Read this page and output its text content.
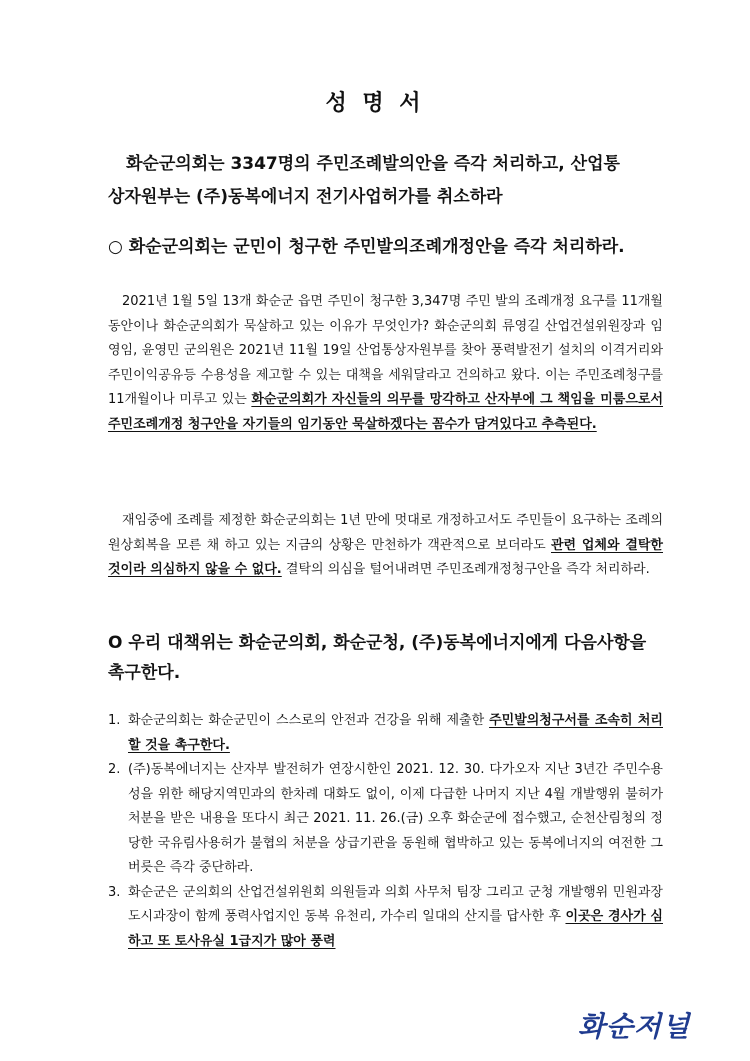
성 명 서
화순군의회는 3347명의 주민조례발의안을 즉각 처리하고, 산업통
상자원부는 (주)동복에너지 전기사업허가를 취소하라
○ 화순군의회는 군민이 청구한 주민발의조례개정안을 즉각 처리하라.
2021년 1월 5일 13개 화순군 읍면 주민이 청구한 3,347명 주민 발의 조례개정 요구를 11개월 동안이나 화순군의회가 묵살하고 있는 이유가 무엇인가? 화순군의회 류영길 산업건설위원장과 임영임, 윤영민 군의원은 2021년 11월 19일 산업통상자원부를 찾아 풍력발전기 설치의 이격거리와 주민이익공유등 수용성을 제고할 수 있는 대책을 세워달라고 건의하고 왔다. 이는 주민조례청구를 11개월이나 미루고 있는 화순군의회가 자신들의 의무를 망각하고 산자부에 그 책임을 미룸으로서 주민조례개정 청구안을 자기들의 임기동안 묵살하겠다는 꼼수가 담겨있다고 추측된다.
재임중에 조례를 제정한 화순군의회는 1년 만에 멋대로 개정하고서도 주민들이 요구하는 조례의 원상회복을 모른 채 하고 있는 지금의 상황은 만천하가 객관적으로 보더라도 관련 업체와 결탁한 것이라 의심하지 않을 수 없다. 결탁의 의심을 털어내려면 주민조례개정청구안을 즉각 처리하라.
O 우리 대책위는 화순군의회, 화순군청, (주)동복에너지에게 다음사항을 촉구한다.
1. 화순군의회는 화순군민이 스스로의 안전과 건강을 위해 제출한 주민발의청구서를 조속히 처리할 것을 촉구한다.
2. (주)동복에너지는 산자부 발전허가 연장시한인 2021. 12. 30. 다가오자 지난 3년간 주민수용성을 위한 해당지역민과의 한차례 대화도 없이, 이제 다급한 나머지 지난 4월 개발행위 불허가 처분을 받은 내용을 또다시 최근 2021. 11. 26.(금) 오후 화순군에 접수했고, 순천산림청의 정당한 국유림사용허가 불협의 처분을 상급기관을 동원해 협박하고 있는 동복에너지의 여전한 그 버릇은 즉각 중단하라.
3. 화순군은 군의회의 산업건설위원회 의원들과 의회 사무처 팀장 그리고 군청 개발행위 민원과장 도시과장이 함께 풍력사업지인 동복 유천리, 가수리 일대의 산지를 답사한 후 이곳은 경사가 심하고 또 토사유실 1급지가 많아 풍력
화순저널
